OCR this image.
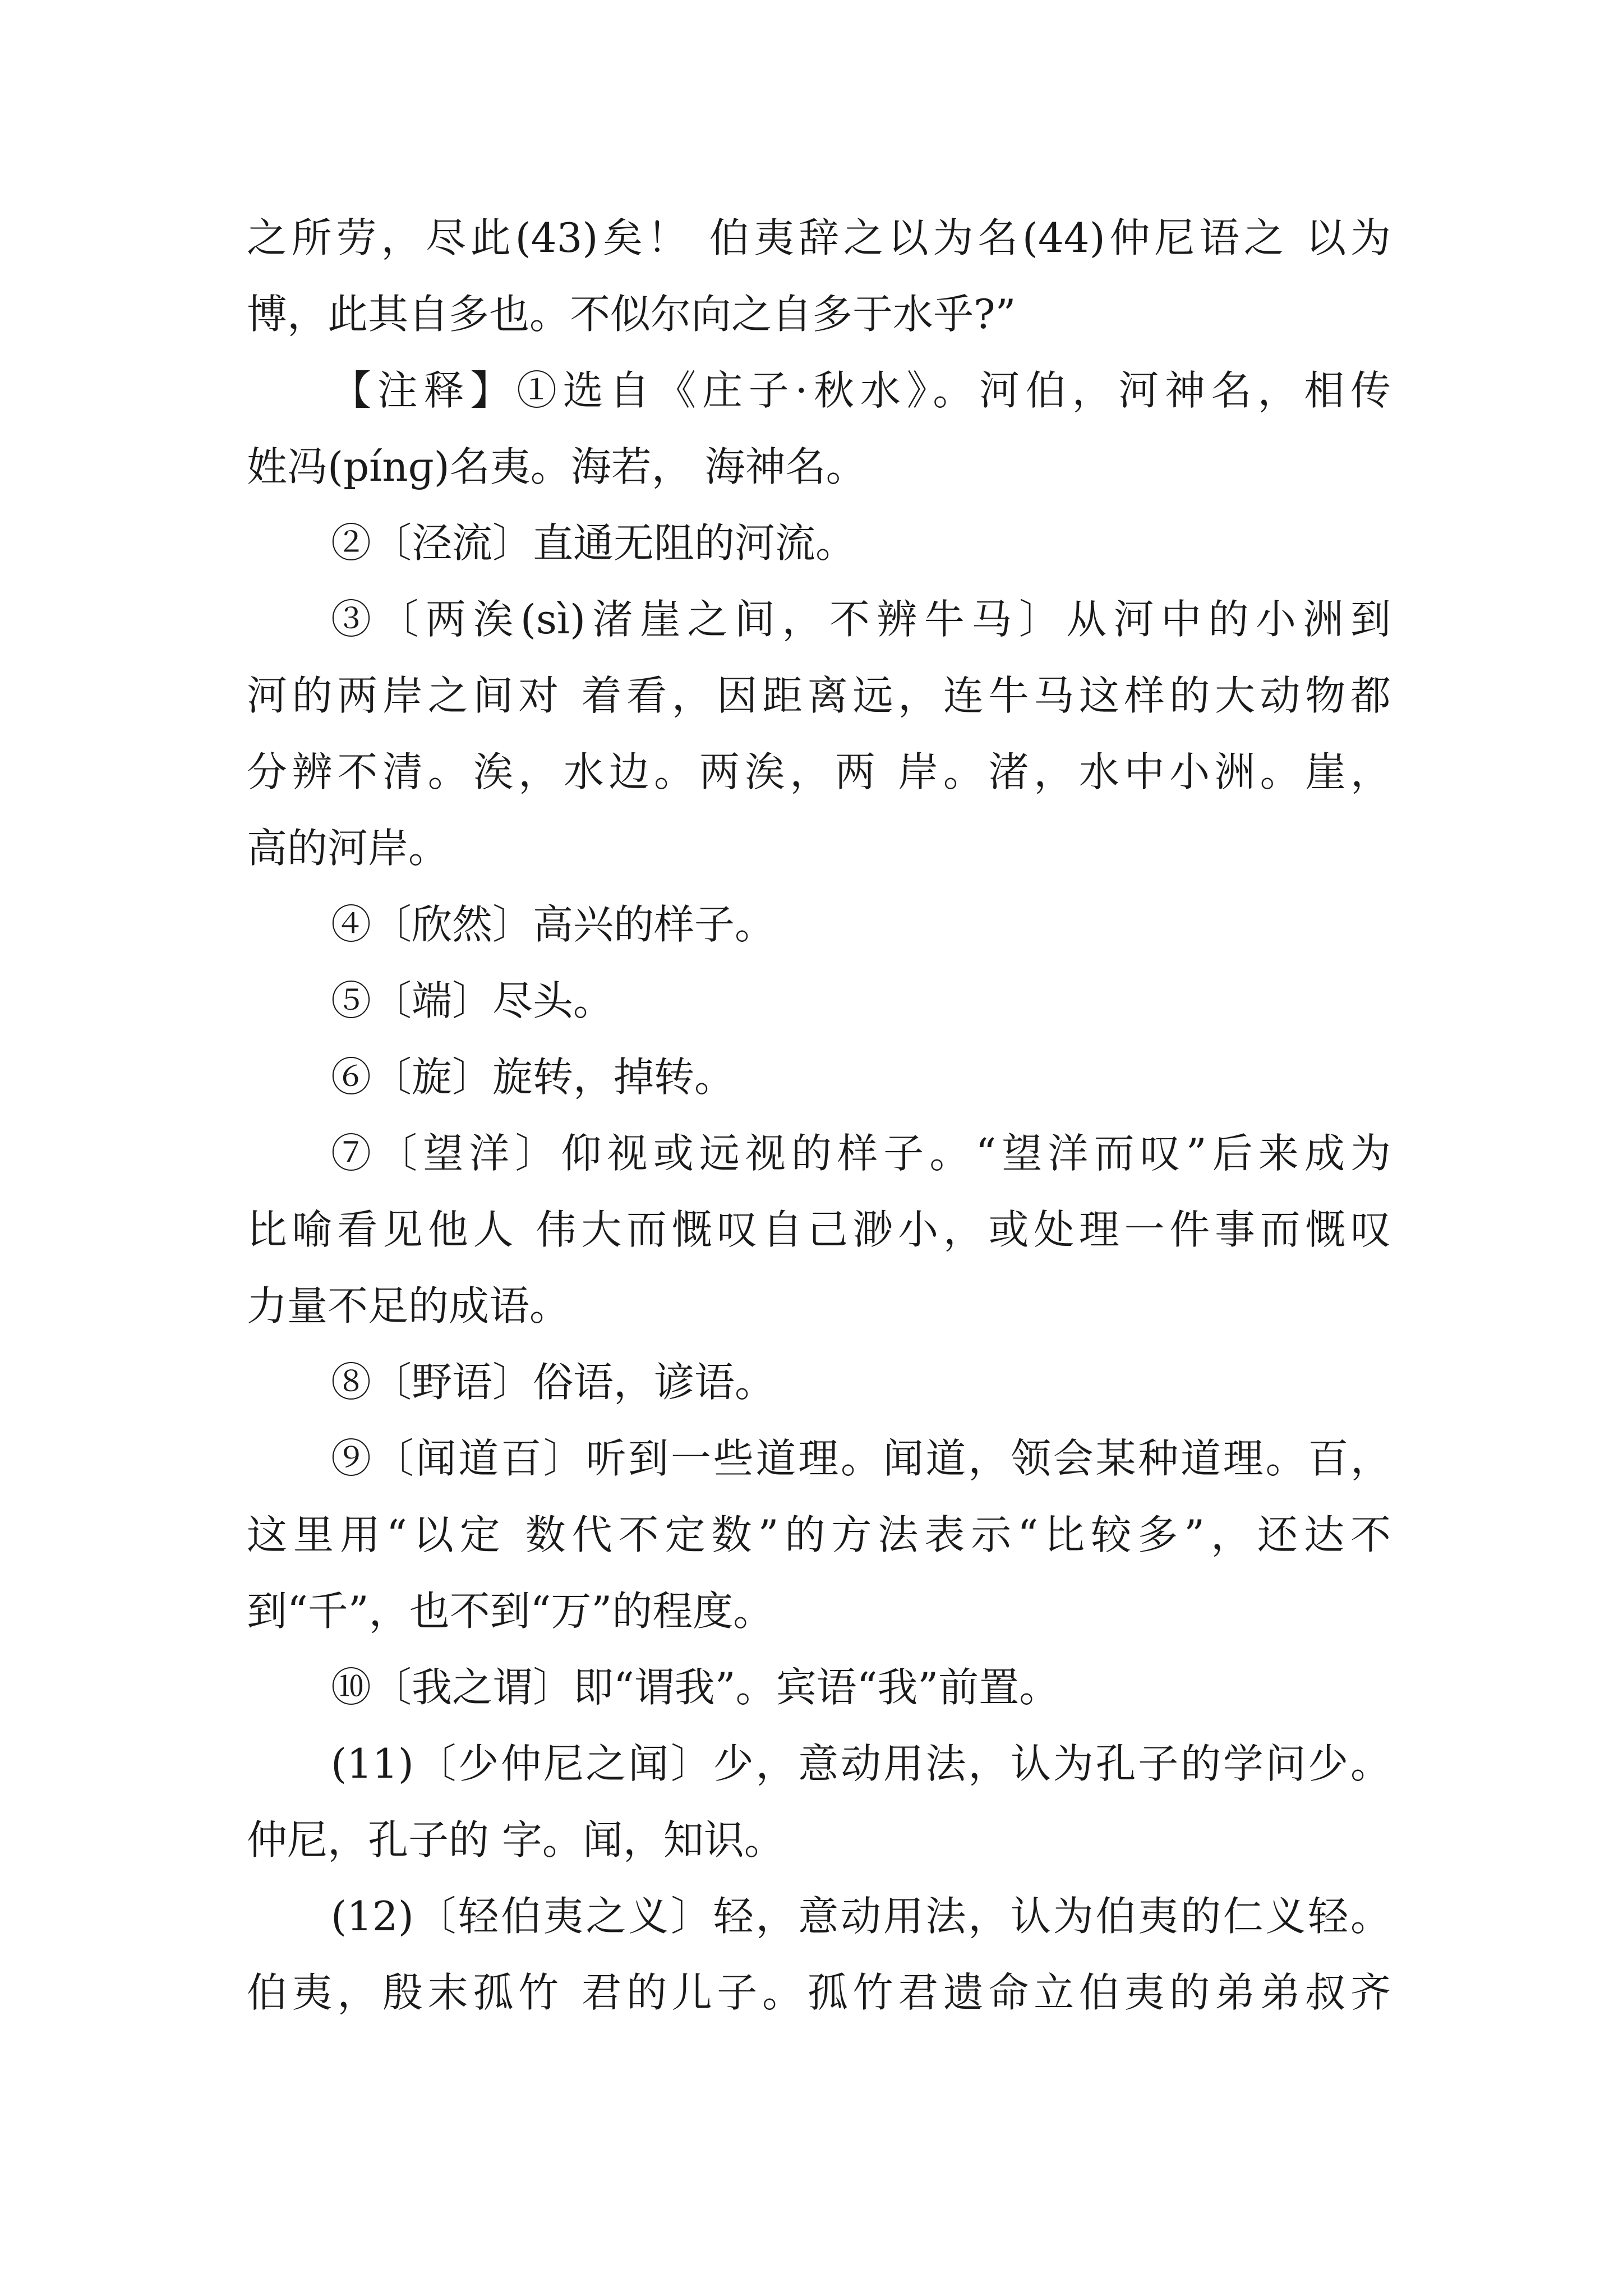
之所劳，尽此(43)矣！ 伯夷辞之以为名(44)仲尼语之 以为
博，此其自多也。不似尔向之自多于水乎?”
【注释】①选自《庄子·秋水》。河伯，河神名，相传
姓冯(pínɡ)名夷。海若， 海神名。
②〔泾流〕直通无阻的河流。
③〔两涘(sì)渚崖之间，不辨牛马〕从河中的小洲到
河的两岸之间对 着看，因距离远，连牛马这样的大动物都
分辨不清。涘，水边。两涘，两 岸。渚，水中小洲。崖，
高的河岸。
④〔欣然〕高兴的样子。
⑤〔端〕尽头。
⑥〔旋〕旋转，掉转。
⑦〔望洋〕仰视或远视的样子。“望洋而叹”后来成为
比喻看见他人 伟大而慨叹自己渺小，或处理一件事而慨叹
力量不足的成语。
⑧〔野语〕俗语，谚语。
⑨〔闻道百〕听到一些道理。闻道，领会某种道理。百，
这里用“以定 数代不定数”的方法表示“比较多”，还达不
到“千”，也不到“万”的程度。
⑩〔我之谓〕即“谓我”。宾语“我”前置。
(11)〔少仲尼之闻〕少，意动用法，认为孔子的学问少。
仲尼，孔子的 字。闻，知识。
(12)〔轻伯夷之义〕轻，意动用法，认为伯夷的仁义轻。
伯夷，殷末孤竹 君的儿子。孤竹君遗命立伯夷的弟弟叔齐
